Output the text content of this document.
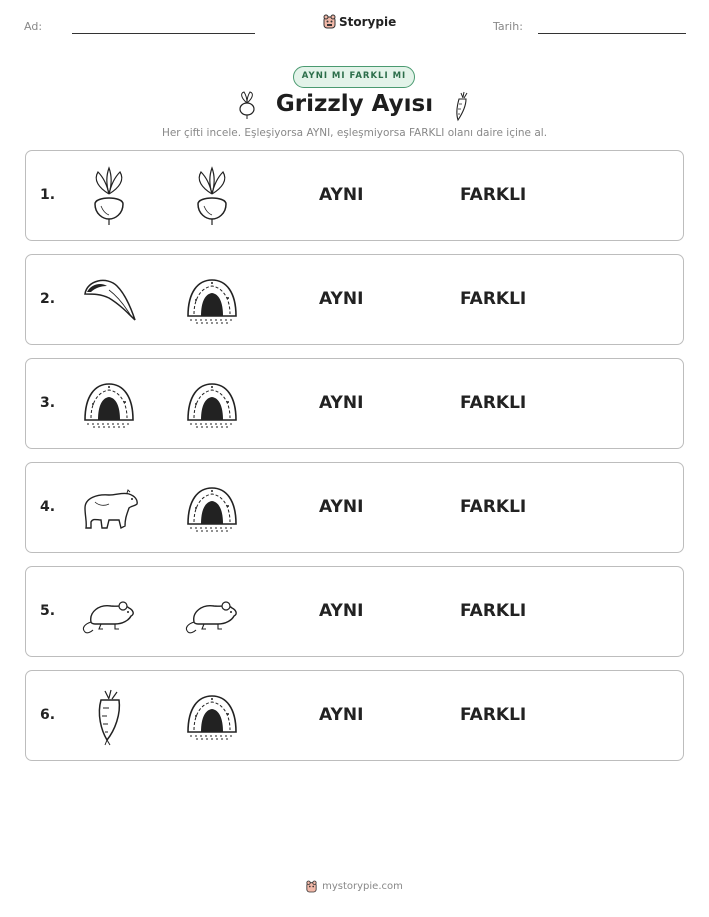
Ad:	Storypie	Tarih:
AYNI MI FARKLI MI
Grizzly Ayısı
Her çifti incele. Eşleşiyorsa AYNI, eşleşmiyorsa FARKLI olanı daire içine al.
1.	AYNI	FARKLI
2.	AYNI	FARKLI
3.	AYNI	FARKLI
4.	AYNI	FARKLI
5.	AYNI	FARKLI
6.	AYNI	FARKLI
mystorypie.com
